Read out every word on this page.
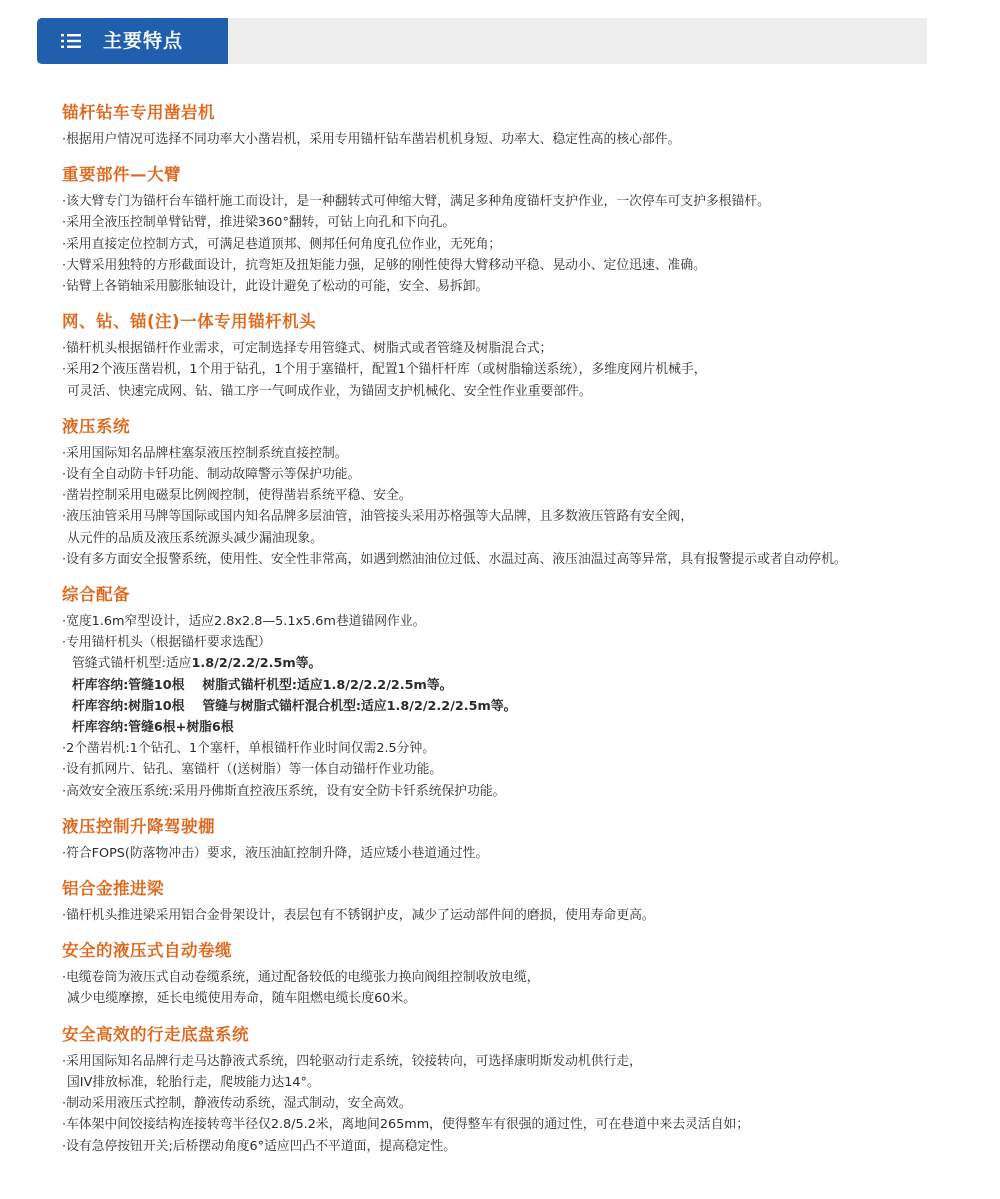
主要特点
锚杆钻车专用凿岩机
·根据用户情况可选择不同功率大小凿岩机，采用专用锚杆钻车凿岩机机身短、功率大、稳定性高的核心部件。
重要部件—大臂
·该大臂专门为锚杆台车锚杆施工而设计，是一种翻转式可伸缩大臂，满足多种角度锚杆支护作业，一次停车可支护多根锚杆。
·采用全液压控制单臂钻臂，推进梁360°翻转，可钻上向孔和下向孔。
·采用直接定位控制方式，可满足巷道顶邦、侧邦任何角度孔位作业，无死角；
·大臂采用独特的方形截面设计，抗弯矩及扭矩能力强，足够的刚性使得大臂移动平稳、晃动小、定位迅速、准确。
·钻臂上各销轴采用膨胀轴设计，此设计避免了松动的可能，安全、易拆卸。
网、钻、锚(注)一体专用锚杆机头
·锚杆机头根据锚杆作业需求，可定制选择专用管缝式、树脂式或者管缝及树脂混合式；
·采用2个液压凿岩机，1个用于钻孔，1个用于塞锚杆，配置1个锚杆杆库（或树脂输送系统），多维度网片机械手，
可灵活、快速完成网、钻、锚工序一气呵成作业，为锚固支护机械化、安全性作业重要部件。
液压系统
·采用国际知名品牌柱塞泵液压控制系统直接控制。
·设有全自动防卡钎功能、制动故障警示等保护功能。
·凿岩控制采用电磁泵比例阀控制，使得凿岩系统平稳、安全。
·液压油管采用马牌等国际或国内知名品牌多层油管，油管接头采用苏格强等大品牌，且多数液压管路有安全阀，
从元件的品质及液压系统源头减少漏油现象。
·设有多方面安全报警系统，使用性、安全性非常高，如遇到燃油油位过低、水温过高、液压油温过高等异常，具有报警提示或者自动停机。
综合配备
·宽度1.6m窄型设计，适应2.8x2.8—5.1x5.6m巷道锚网作业。
·专用锚杆机头（根据锚杆要求选配）
管缝式锚杆机型:适应1.8/2/2.2/2.5m等。
杆库容纳:管缝10根    树脂式锚杆机型:适应1.8/2/2.2/2.5m等。
杆库容纳:树脂10根    管缝与树脂式锚杆混合机型:适应1.8/2/2.2/2.5m等。
杆库容纳:管缝6根+树脂6根
·2个凿岩机:1个钻孔、1个塞杆，单根锚杆作业时间仅需2.5分钟。
·设有抓网片、钻孔、塞锚杆（(送树脂）等一体自动锚杆作业功能。
·高效安全液压系统:采用丹佛斯直控液压系统，设有安全防卡钎系统保护功能。
液压控制升降驾驶棚
·符合FOPS(防落物冲击）要求，液压油缸控制升降，适应矮小巷道通过性。
铝合金推进梁
·锚杆机头推进梁采用铝合金骨架设计，表层包有不锈钢护皮，减少了运动部件间的磨损，使用寿命更高。
安全的液压式自动卷缆
·电缆卷筒为液压式自动卷缆系统，通过配备较低的电缆张力换向阀组控制收放电缆，
减少电缆摩擦，延长电缆使用寿命，随车阻燃电缆长度60米。
安全高效的行走底盘系统
·采用国际知名品牌行走马达静液式系统，四轮驱动行走系统，铰接转向，可选择康明斯发动机供行走，
国IV排放标准，轮胎行走，爬坡能力达14°。
·制动采用液压式控制，静液传动系统，湿式制动，安全高效。
·车体架中间饺接结构连接转弯半径仅2.8/5.2米，离地间265mm，使得整车有很强的通过性，可在巷道中来去灵活自如；
·设有急停按钮开关;后桥摆动角度6°适应凹凸不平道面，提高稳定性。
